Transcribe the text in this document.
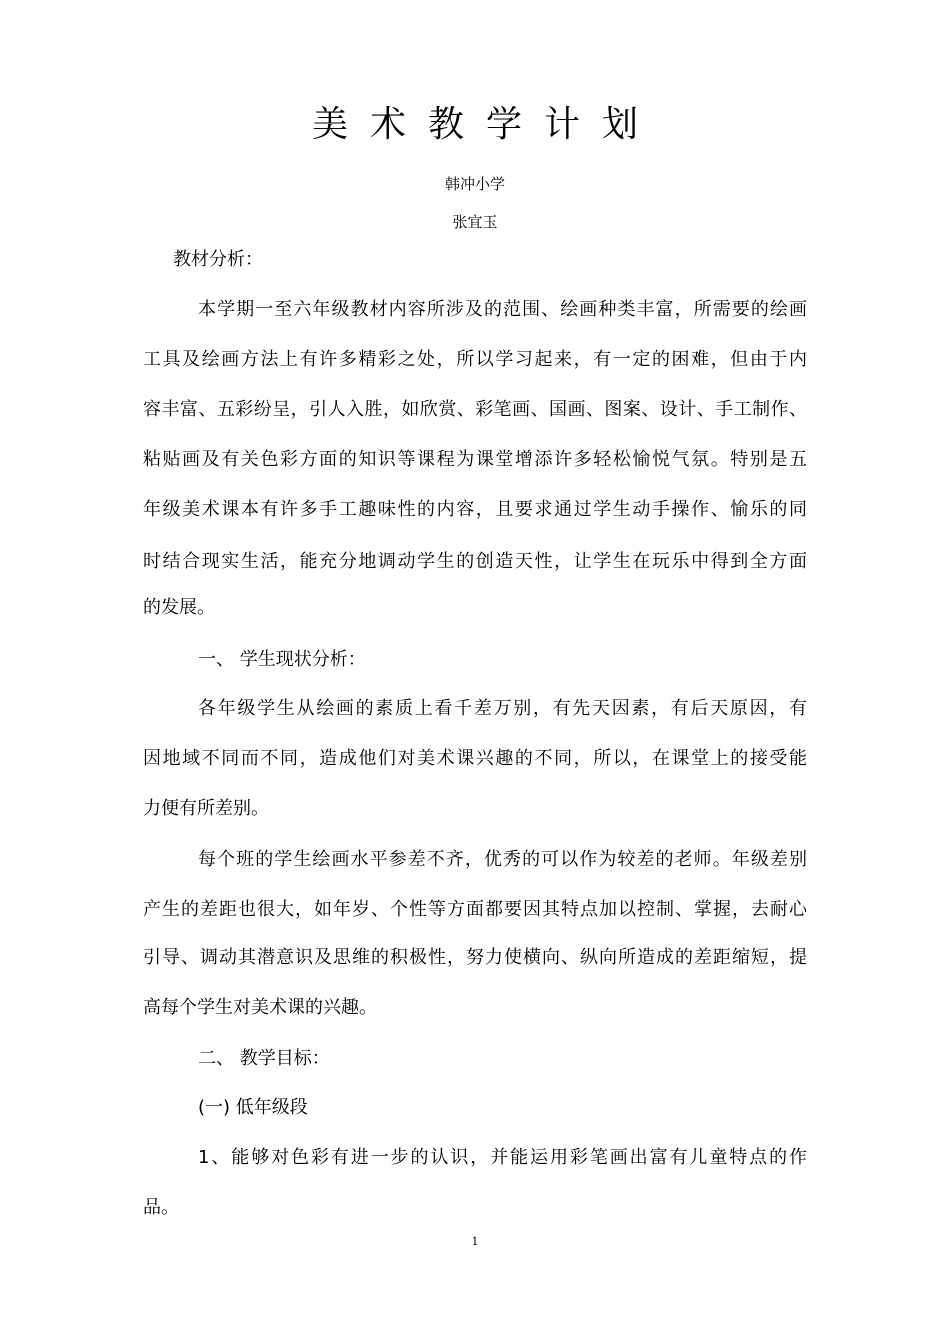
美术教学计划
韩冲小学
张宜玉
教材分析：
本学期一至六年级教材内容所涉及的范围、绘画种类丰富，所需要的绘画
工具及绘画方法上有许多精彩之处，所以学习起来，有一定的困难，但由于内
容丰富、五彩纷呈，引人入胜，如欣赏、彩笔画、国画、图案、设计、手工制作、
粘贴画及有关色彩方面的知识等课程为课堂增添许多轻松愉悦气氛。特别是五
年级美术课本有许多手工趣味性的内容，且要求通过学生动手操作、愉乐的同
时结合现实生活，能充分地调动学生的创造天性，让学生在玩乐中得到全方面
的发展。
一、 学生现状分析：
各年级学生从绘画的素质上看千差万别，有先天因素，有后天原因，有
因地域不同而不同，造成他们对美术课兴趣的不同，所以，在课堂上的接受能
力便有所差别。
每个班的学生绘画水平参差不齐，优秀的可以作为较差的老师。年级差别
产生的差距也很大，如年岁、个性等方面都要因其特点加以控制、掌握，去耐心
引导、调动其潜意识及思维的积极性，努力使横向、纵向所造成的差距缩短，提
高每个学生对美术课的兴趣。
二、 教学目标：
(一) 低年级段
1、能够对色彩有进一步的认识，并能运用彩笔画出富有儿童特点的作
品。
1
